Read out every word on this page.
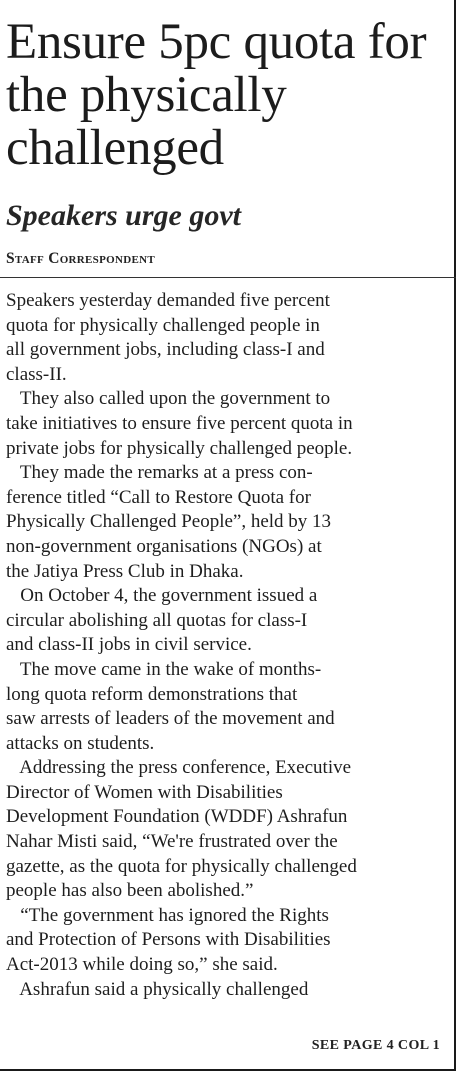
Ensure 5pc quota for the physically challenged
Speakers urge govt
Staff Correspondent

Speakers yesterday demanded five percent

quota for physically challenged people in

all government jobs, including class-I and

class-II.

They also called upon the government to

take initiatives to ensure five percent quota in

private jobs for physically challenged people.

They made the remarks at a press con-

ference titled “Call to Restore Quota for

Physically Challenged People”, held by 13

non-government organisations (NGOs) at

the Jatiya Press Club in Dhaka.

On October 4, the government issued a

circular abolishing all quotas for class-I

and class-II jobs in civil service.

The move came in the wake of months-

long quota reform demonstrations that

saw arrests of leaders of the movement and

attacks on students.

Addressing the press conference, Executive

Director of Women with Disabilities

Development Foundation (WDDF) Ashrafun

Nahar Misti said, “We're frustrated over the

gazette, as the quota for physically challenged

people has also been abolished.”

“The government has ignored the Rights

and Protection of Persons with Disabilities

Act-2013 while doing so,” she said.

Ashrafun said a physically challenged

SEE PAGE 4 COL 1
